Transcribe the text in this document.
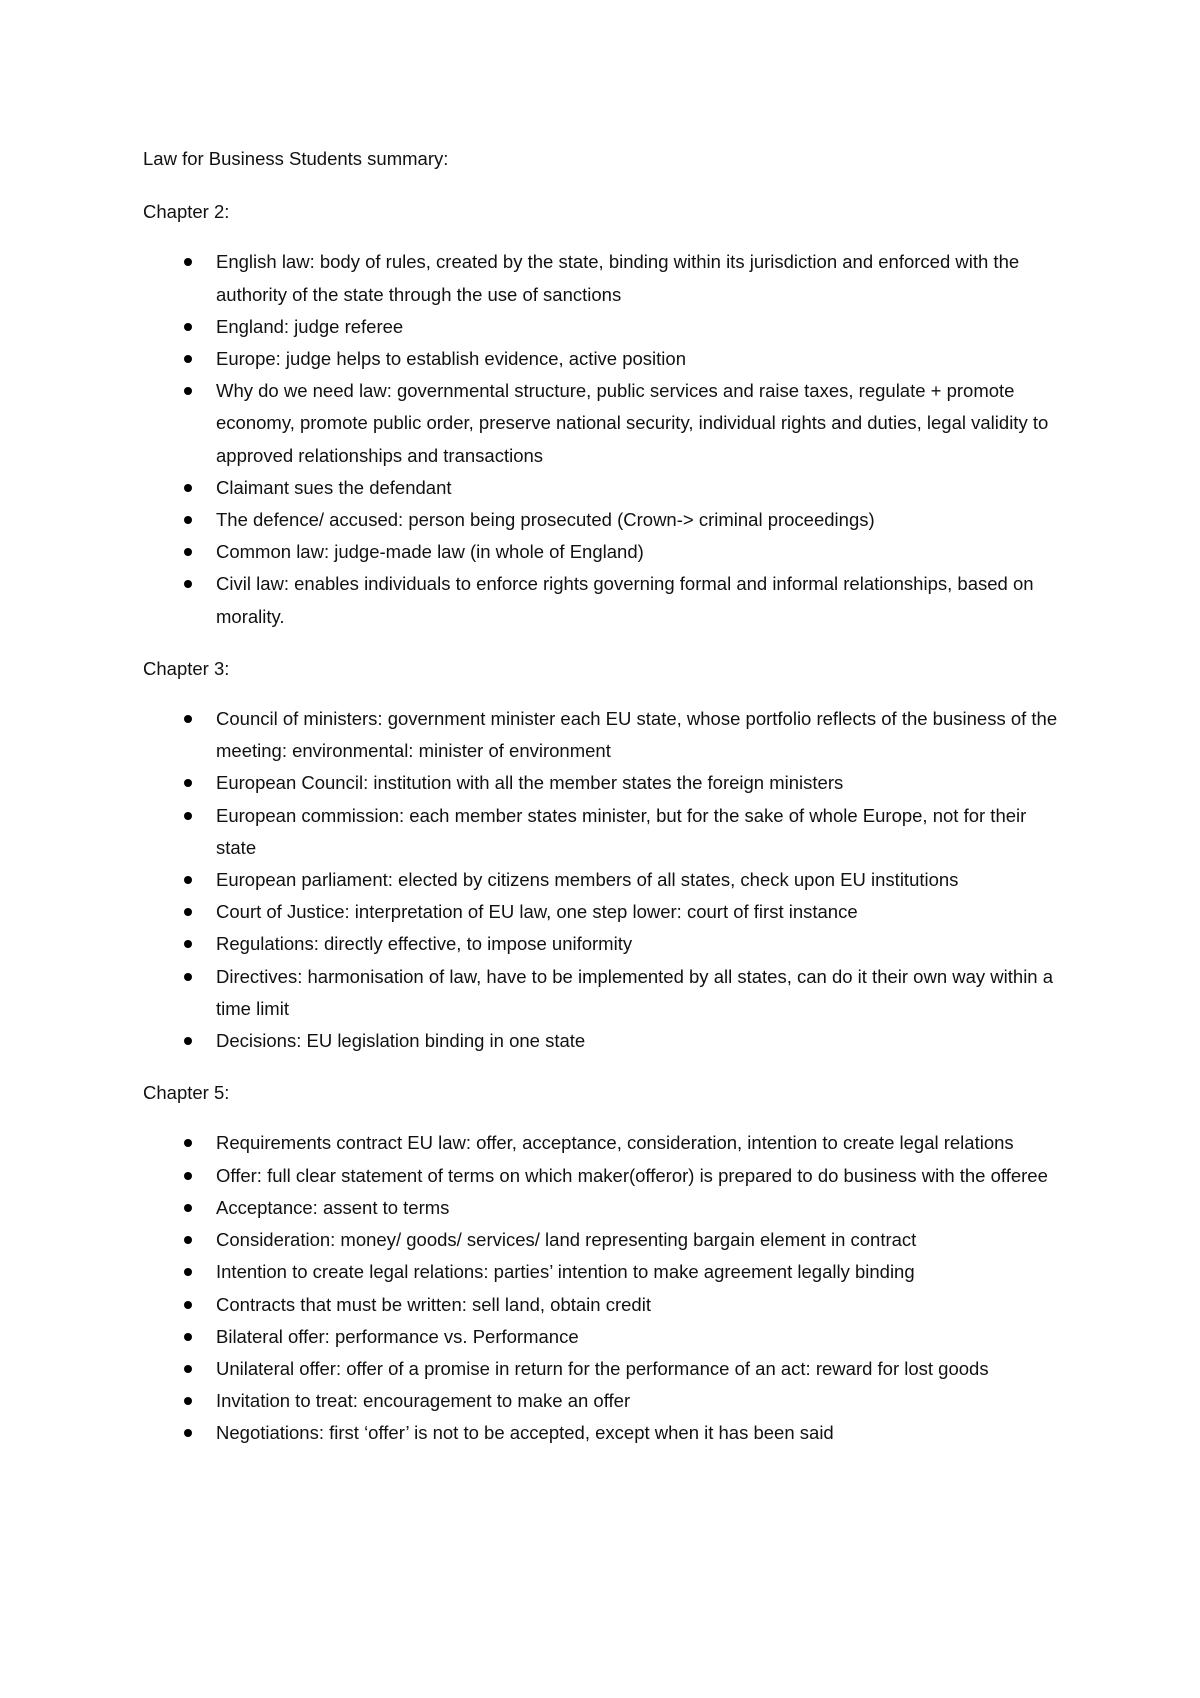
Law for Business Students summary:
Chapter 2:
English law: body of rules, created by the state, binding within its jurisdiction and enforced with the authority of the state through the use of sanctions
England: judge referee
Europe: judge helps to establish evidence, active position
Why do we need law: governmental structure, public services and raise taxes, regulate + promote economy, promote public order, preserve national security, individual rights and duties, legal validity to approved relationships and transactions
Claimant sues the defendant
The defence/ accused: person being prosecuted (Crown-> criminal proceedings)
Common law: judge-made law (in whole of England)
Civil law: enables individuals to enforce rights governing formal and informal relationships, based on morality.
Chapter 3:
Council of ministers: government minister each EU state, whose portfolio reflects of the business of the meeting: environmental: minister of environment
European Council: institution with all the member states the foreign ministers
European commission: each member states minister, but for the sake of whole Europe, not for their state
European parliament: elected by citizens members of all states, check upon EU institutions
Court of Justice: interpretation of EU law, one step lower: court of first instance
Regulations: directly effective, to impose uniformity
Directives: harmonisation of law, have to be implemented by all states, can do it their own way within a time limit
Decisions: EU legislation binding in one state
Chapter 5:
Requirements contract EU law: offer, acceptance, consideration, intention to create legal relations
Offer: full clear statement of terms on which maker(offeror) is prepared to do business with the offeree
Acceptance: assent to terms
Consideration: money/ goods/ services/ land representing bargain element in contract
Intention to create legal relations: parties’ intention to make agreement legally binding
Contracts that must be written: sell land, obtain credit
Bilateral offer: performance vs. Performance
Unilateral offer: offer of a promise in return for the performance of an act: reward for lost goods
Invitation to treat: encouragement to make an offer
Negotiations: first ‘offer’ is not to be accepted, except when it has been said
